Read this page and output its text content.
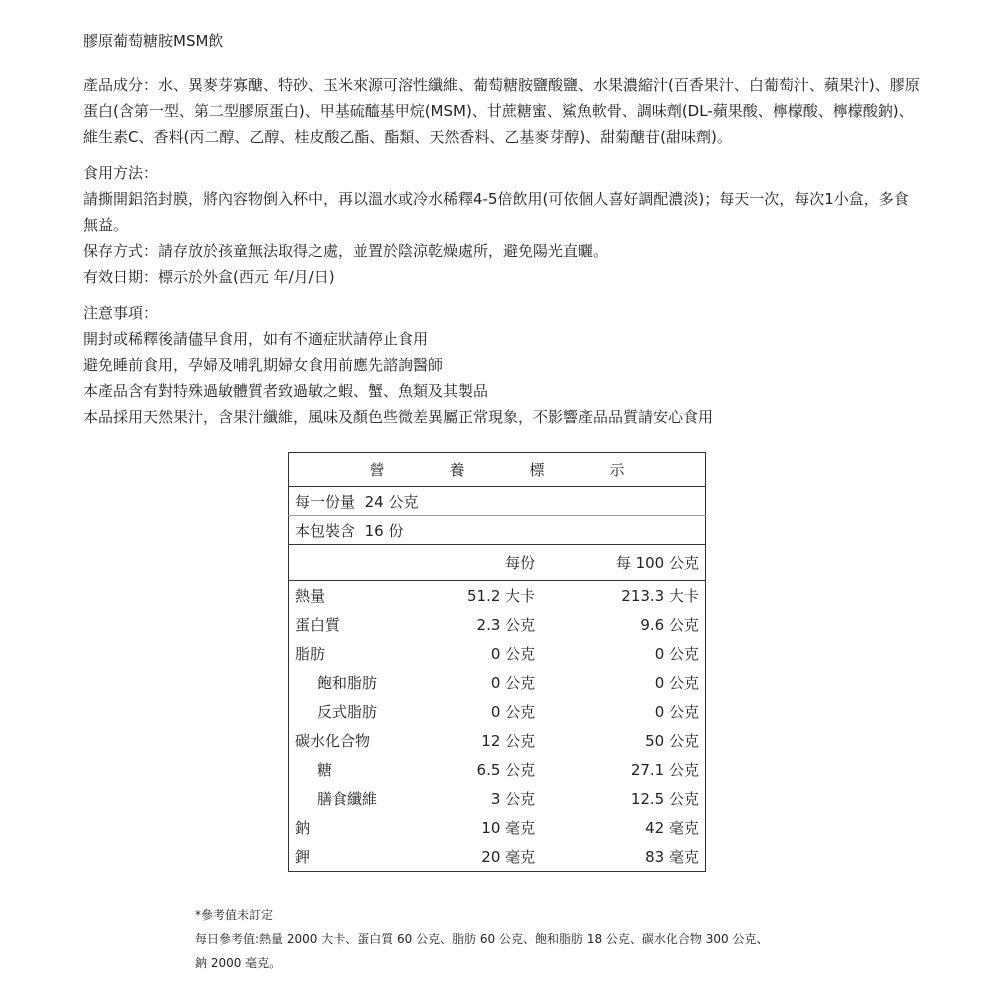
膠原葡萄糖胺MSM飲

產品成分：水、異麥芽寡醣、特砂、玉米來源可溶性纖維、葡萄糖胺鹽酸鹽、水果濃縮汁(百香果汁、白葡萄汁、蘋果汁)、膠原蛋白(含第一型、第二型膠原蛋白)、甲基硫醯基甲烷(MSM)、甘蔗糖蜜、鯊魚軟骨、調味劑(DL-蘋果酸、檸檬酸、檸檬酸鈉)、維生素C、香料(丙二醇、乙醇、桂皮酸乙酯、酯類、天然香料、乙基麥芽醇)、甜菊醣苷(甜味劑)。

食用方法：

請撕開鋁箔封膜，將內容物倒入杯中，再以溫水或冷水稀釋4-5倍飲用(可依個人喜好調配濃淡)；每天一次，每次1小盒，多食無益。

保存方式：請存放於孩童無法取得之處，並置於陰涼乾燥處所，避免陽光直曬。

有效日期：標示於外盒(西元 年/月/日)

注意事項：

開封或稀釋後請儘早食用，如有不適症狀請停止食用

避免睡前食用，孕婦及哺乳期婦女食用前應先諮詢醫師

本產品含有對特殊過敏體質者致過敏之蝦、蟹、魚類及其製品

本品採用天然果汁，含果汁纖維，風味及顏色些微差異屬正常現象，不影響產品品質請安心食用

營 養 標 示		
每一份量 24 公克		
本包裝含 16 份		
	每份	每 100 公克
熱量	51.2 大卡	213.3 大卡
蛋白質	2.3 公克	9.6 公克
脂肪	0 公克	0 公克
飽和脂肪	0 公克	0 公克
反式脂肪	0 公克	0 公克
碳水化合物	12 公克	50 公克
糖	6.5 公克	27.1 公克
膳食纖維	3 公克	12.5 公克
鈉	10 毫克	42 毫克
鉀	20 毫克	83 毫克

*參考值未訂定

每日參考值:熱量 2000 大卡、蛋白質 60 公克、脂肪 60 公克、飽和脂肪 18 公克、碳水化合物 300 公克、

鈉 2000 毫克。
